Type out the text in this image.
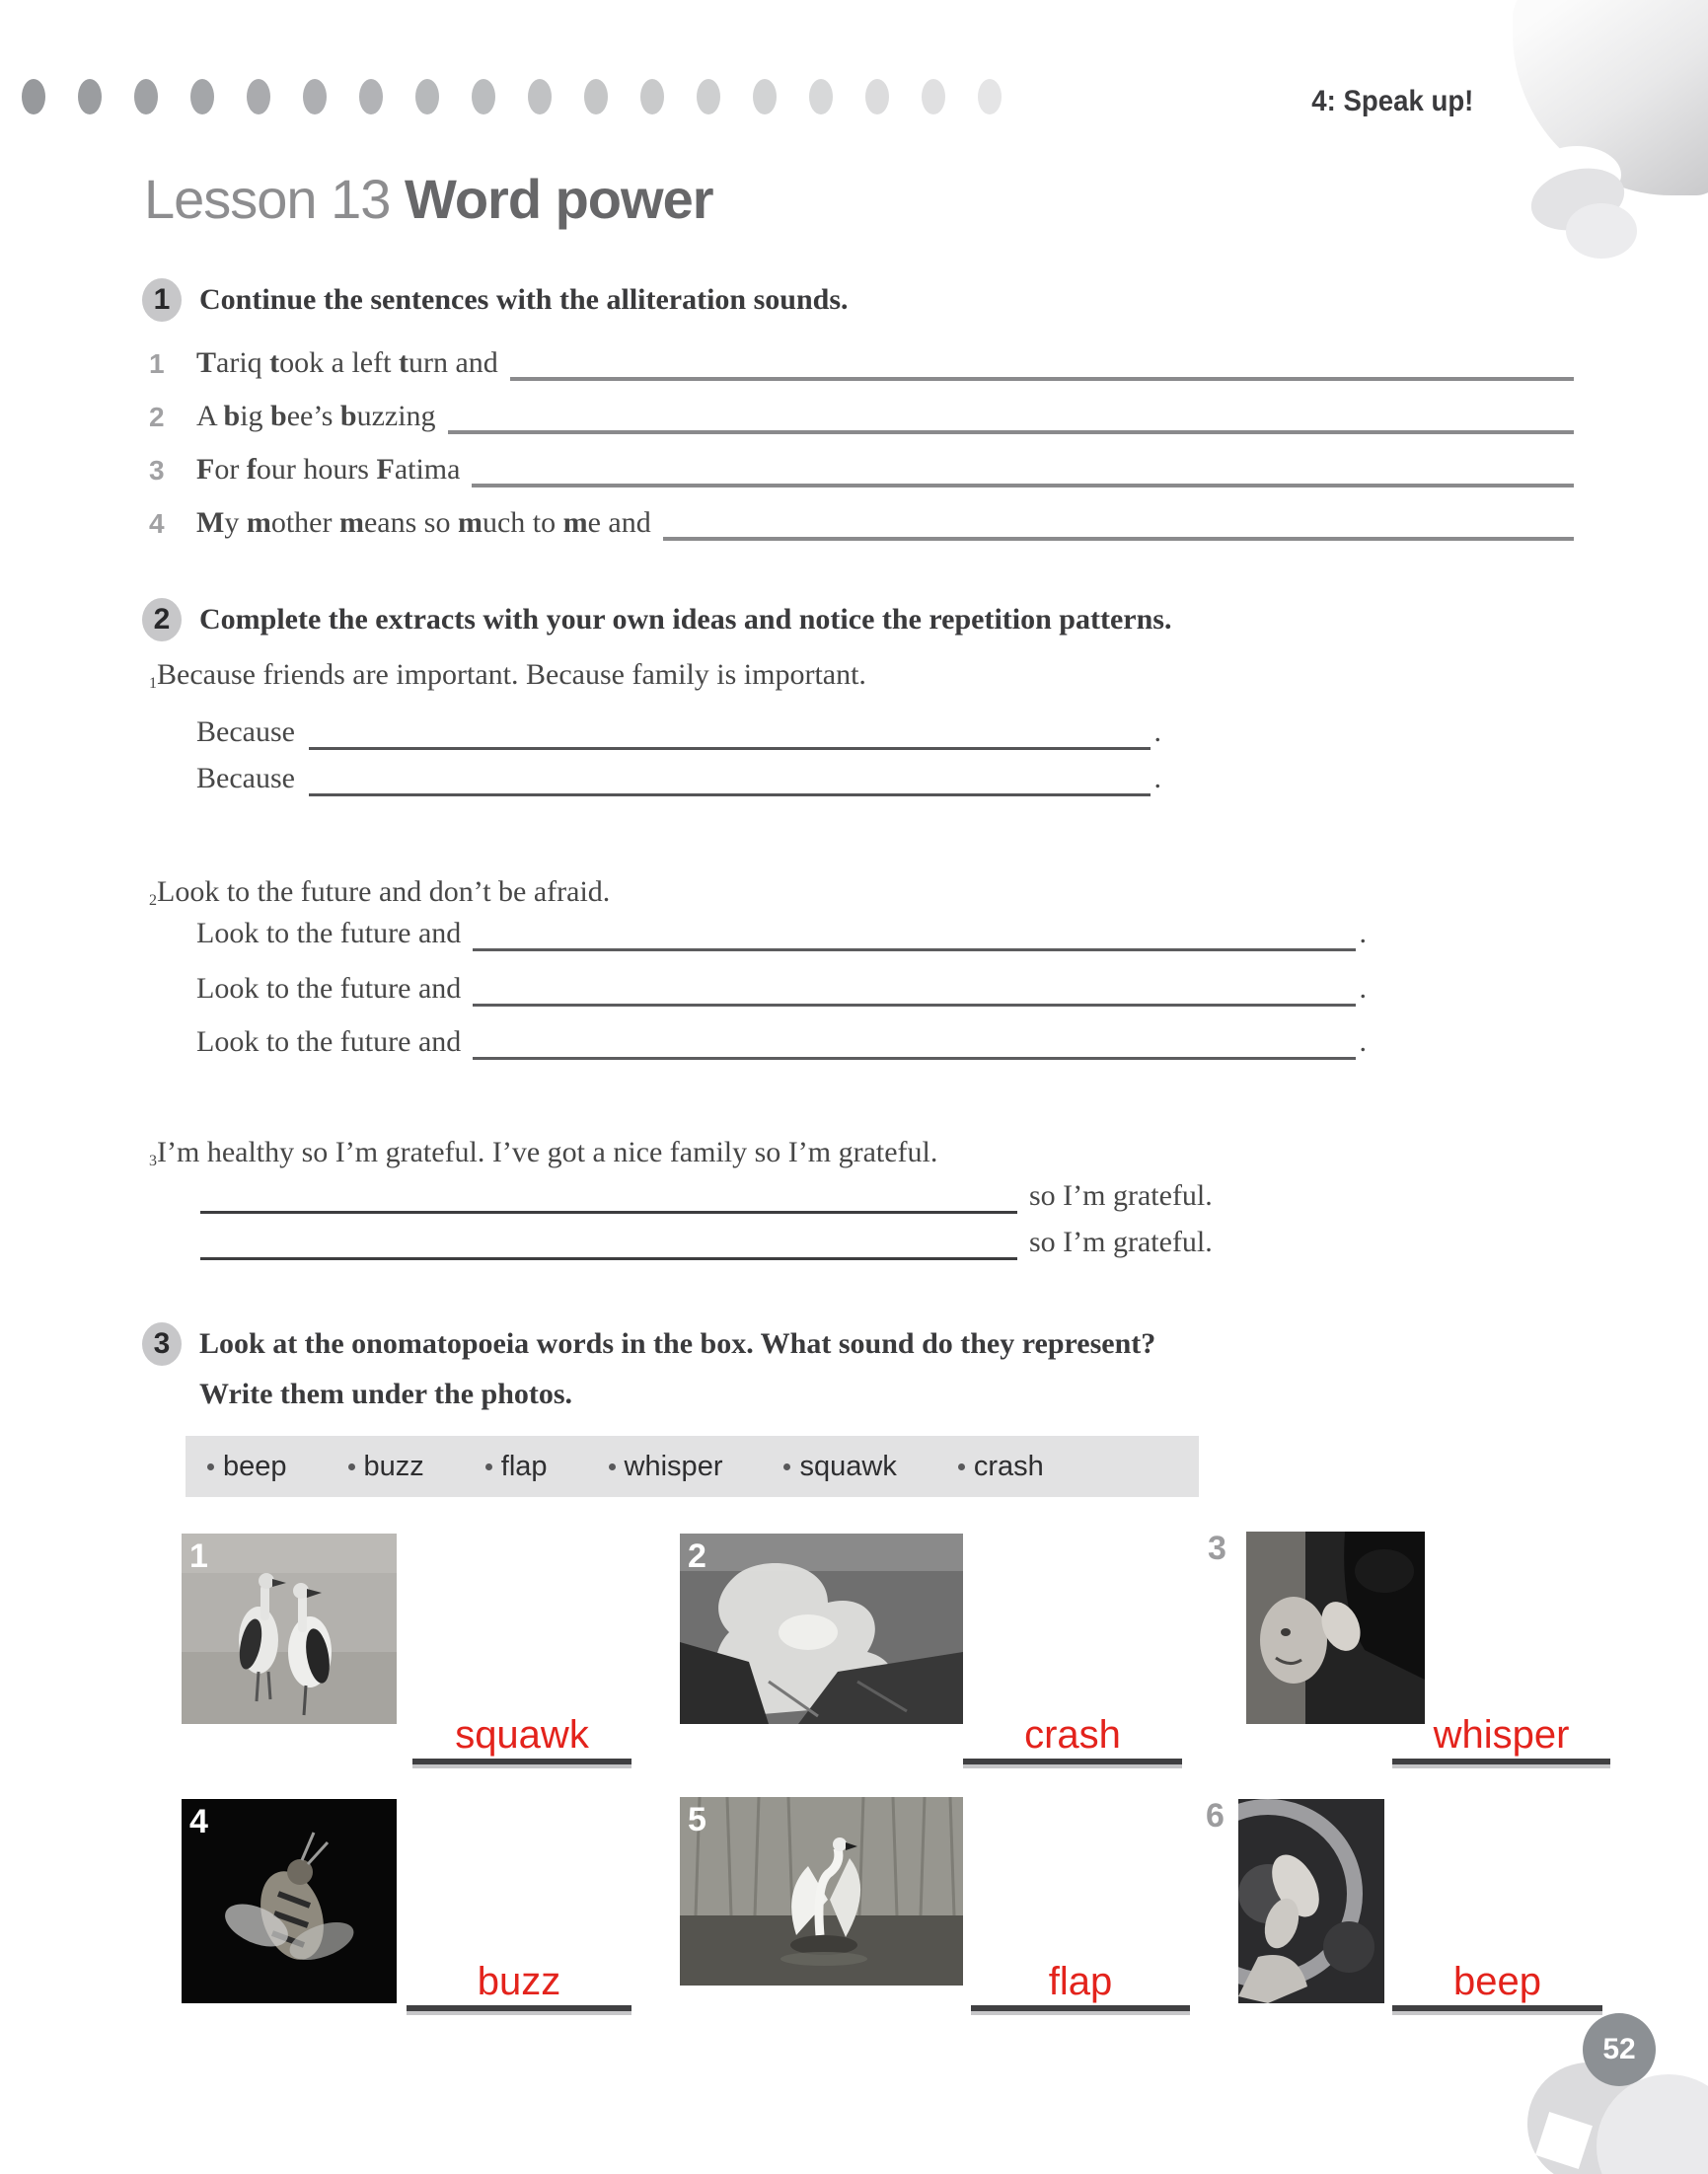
4: Speak up!
Lesson 13 Word power
1 Continue the sentences with the alliteration sounds.
1	Tariq took a left turn and
2	A big bee’s buzzing
3	For four hours Fatima
4	My mother means so much to me and
2 Complete the extracts with your own ideas and notice the repetition patterns.
1 Because friends are important. Because family is important.
Because	.
Because	.
2 Look to the future and don’t be afraid.
Look to the future and	.
Look to the future and	.
Look to the future and	.
3 I’m healthy so I’m grateful. I’ve got a nice family so I’m grateful.
so I’m grateful.
so I’m grateful.
3 Look at the onomatopoeia words in the box. What sound do they represent?
Write them under the photos.
beep	buzz	flap	whisper	squawk	crash
1	2	3
squawk	crash	whisper
4	5	6
buzz	flap	beep
52
